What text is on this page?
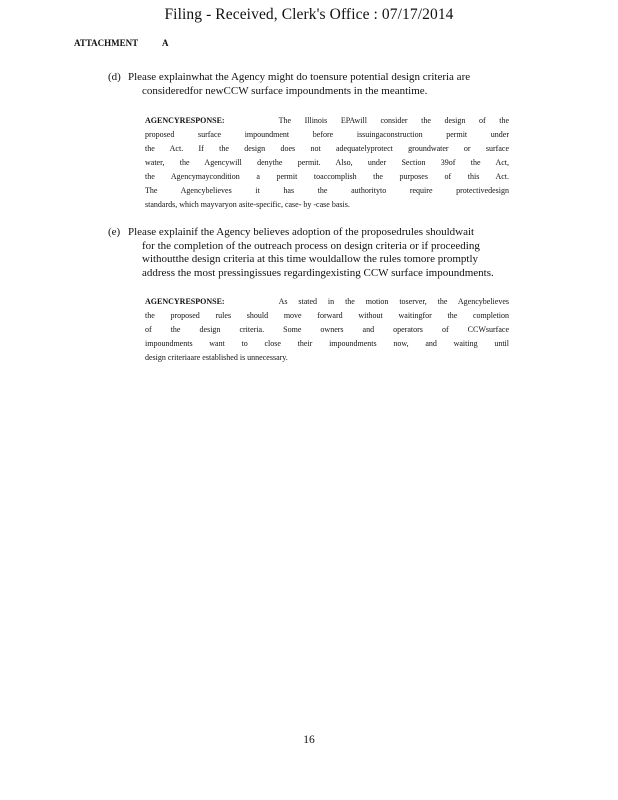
Filing - Received, Clerk's Office : 07/17/2014
ATTACHMENT	A
(d) Please explainwhat the Agency might do toensure potential design criteria are
consideredfor newCCW surface impoundments in the meantime.
AGENCYRESPONSE:	The Illinois EPAwill consider the design of the
proposed surface impoundment before issuingaconstruction permit under
the Act. If the design does not adequatelyprotect groundwater or surface
water, the Agencywill denythe permit. Also, under Section 39of the Act,
the Agencymaycondition a permit toaccomplish the purposes of this Act.
The Agencybelieves it has the authorityto require protectivedesign
standards, which mayvaryon asite-specific, case- by -case basis.
(e) Please explainif the Agency believes adoption of the proposedrules shouldwait
for the completion of the outreach process on design criteria or if proceeding
withoutthe design criteria at this time wouldallow the rules tomore promptly
address the most pressingissues regardingexisting CCW surface impoundments.
AGENCYRESPONSE:	As stated in the motion toserver, the Agencybelieves
the proposed rules should move forward without waitingfor the completion
of the design criteria. Some owners and operators of CCWsurface
impoundments want to close their impoundments now, and waiting until
design criteriaare established is unnecessary.
16
